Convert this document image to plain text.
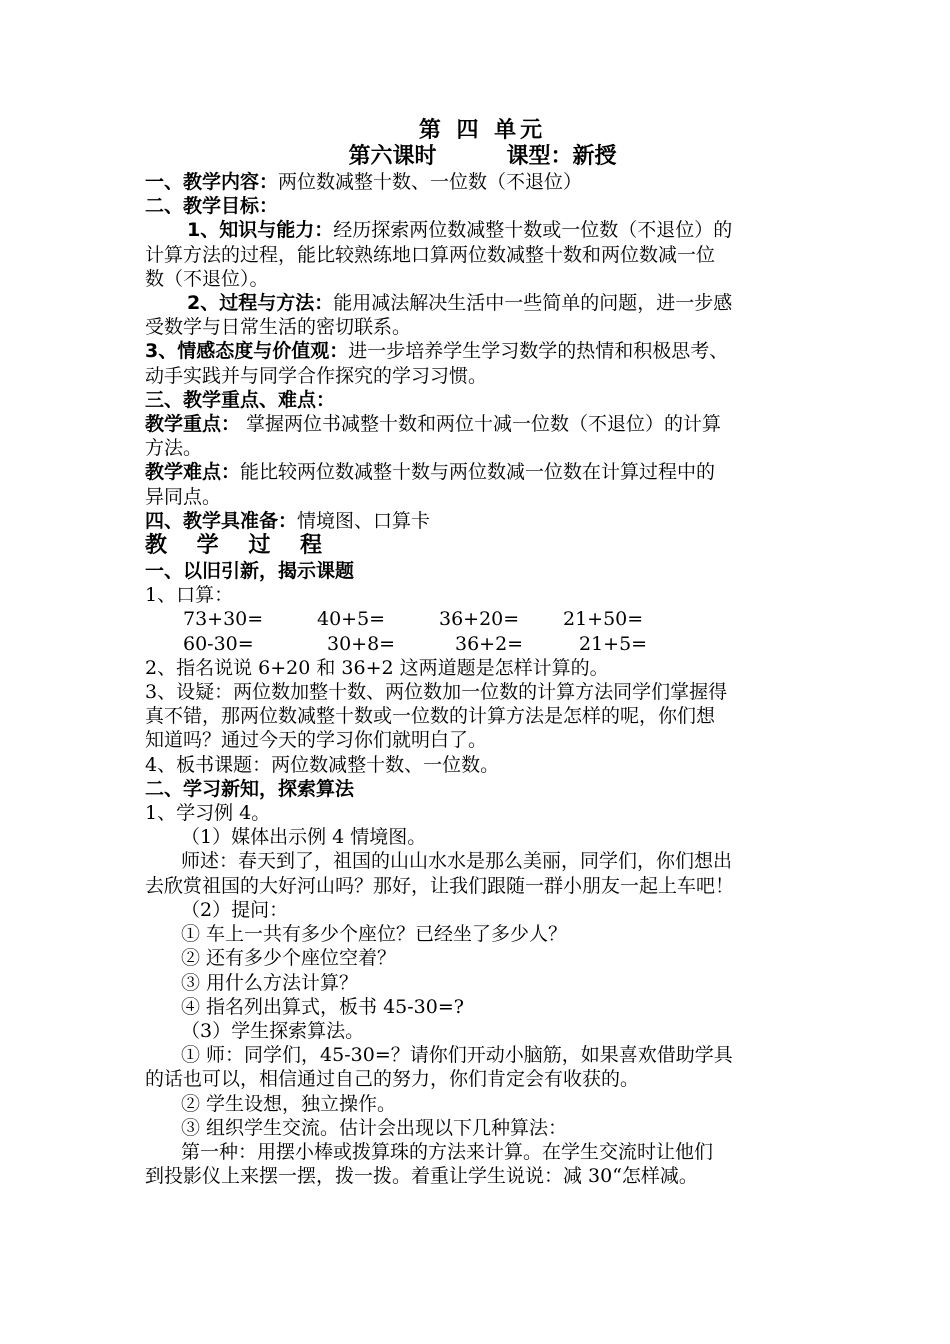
第 四 单元
第六课时	课型：新授
一、教学内容：两位数减整十数、一位数（不退位）
二、教学目标：
1、知识与能力：经历探索两位数减整十数或一位数（不退位）的
计算方法的过程，能比较熟练地口算两位数减整十数和两位数减一位
数（不退位）。
2、过程与方法：能用减法解决生活中一些简单的问题，进一步感
受数学与日常生活的密切联系。
3、情感态度与价值观：进一步培养学生学习数学的热情和积极思考、
动手实践并与同学合作探究的学习习惯。
三、教学重点、难点：
教学重点： 掌握两位书减整十数和两位十减一位数（不退位）的计算
方法。
教学难点：能比较两位数减整十数与两位数减一位数在计算过程中的
异同点。
四、教学具准备：情境图、口算卡
教 学 过 程
一、以旧引新，揭示课题
1、口算：
73+30=	40+5=	36+20=	21+50=
60-30=	30+8=	36+2=	21+5=
2、指名说说 6+20 和 36+2 这两道题是怎样计算的。
3、设疑：两位数加整十数、两位数加一位数的计算方法同学们掌握得
真不错，那两位数减整十数或一位数的计算方法是怎样的呢，你们想
知道吗？通过今天的学习你们就明白了。
4、板书课题：两位数减整十数、一位数。
二、学习新知，探索算法
1、学习例 4。
（1）媒体出示例 4 情境图。
师述：春天到了，祖国的山山水水是那么美丽，同学们，你们想出
去欣赏祖国的大好河山吗？那好，让我们跟随一群小朋友一起上车吧！
（2）提问：
① 车上一共有多少个座位？已经坐了多少人？
② 还有多少个座位空着？
③ 用什么方法计算？
④ 指名列出算式，板书 45-30=?
（3）学生探索算法。
① 师：同学们，45-30=？请你们开动小脑筋，如果喜欢借助学具
的话也可以，相信通过自己的努力，你们肯定会有收获的。
② 学生设想，独立操作。
③ 组织学生交流。估计会出现以下几种算法：
第一种：用摆小棒或拨算珠的方法来计算。在学生交流时让他们
到投影仪上来摆一摆，拨一拨。着重让学生说说：减 30“怎样减。
